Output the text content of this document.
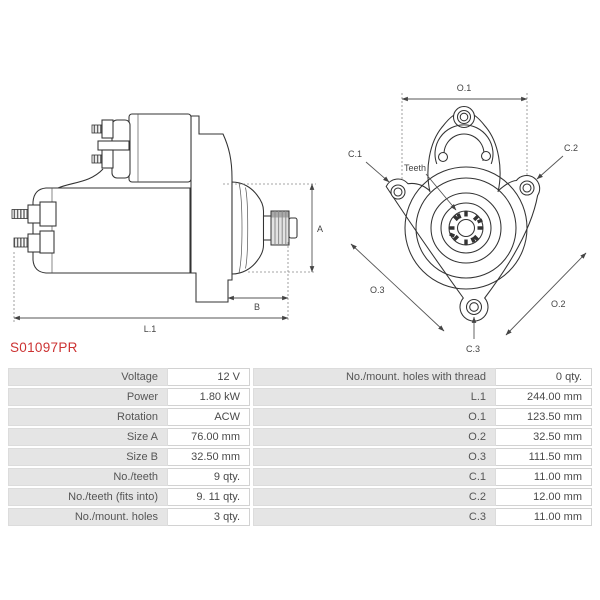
A
B
L.1
O.1
O.3
O.2
C.1
C.2
C.3
Teeth
S01097PR
Voltage	12 V
Power	1.80 kW
Rotation	ACW
Size A	76.00 mm
Size B	32.50 mm
No./teeth	9 qty.
No./teeth (fits into)	9. 11 qty.
No./mount. holes	3 qty.
No./mount. holes with thread	0 qty.
L.1	244.00 mm
O.1	123.50 mm
O.2	32.50 mm
O.3	111.50 mm
C.1	11.00 mm
C.2	12.00 mm
C.3	11.00 mm
